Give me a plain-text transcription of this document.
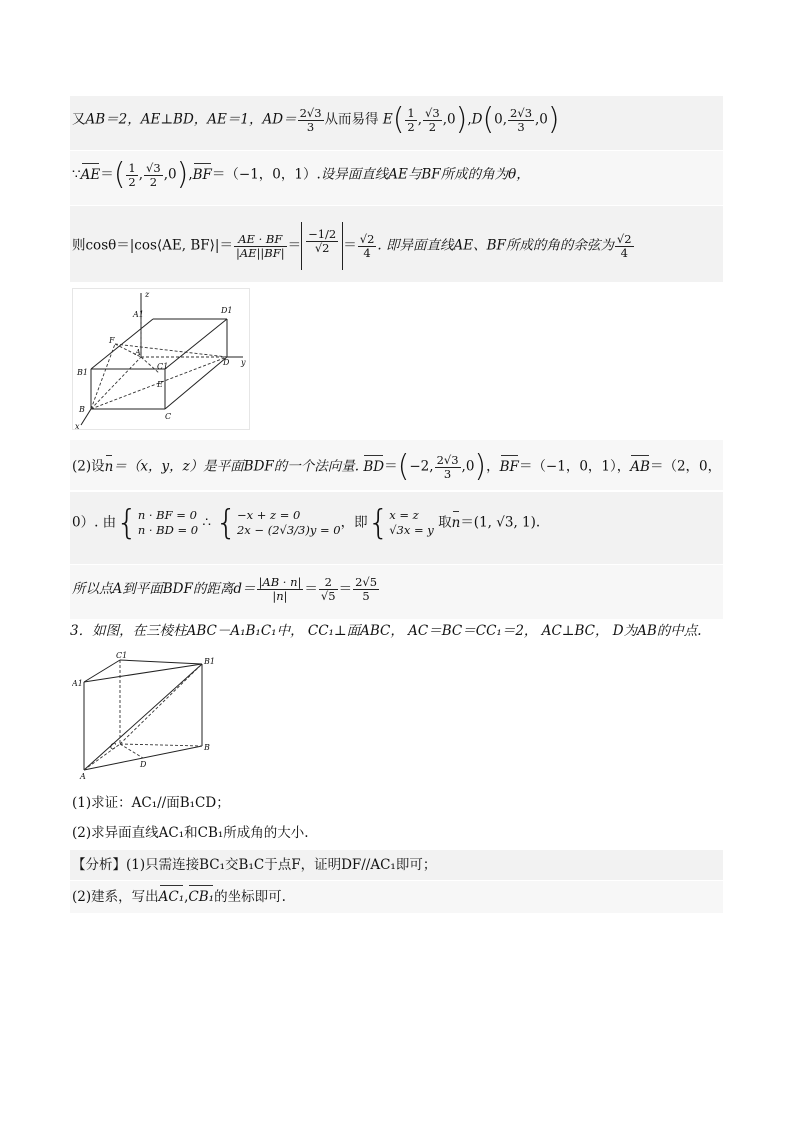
又AB＝2，AE⊥BD，AE＝1，$AD= \frac{2√3}{3}$ 从而易得 $E( \frac{1}{2}$ , $\frac{√3}{2} ,0),D(0$, $\frac{2√3}{3} ,0$)
∵AE＝( $\frac{1}{2}$ , $\frac{√3}{2} ,0),BF=(-1$，0，1）.设异面直线AE与BF所成的角为θ，
则cosθ＝|cos⟨AE, BF⟩|＝ $\frac{AE \cdot BF}{|AE||BF|} = \frac{-1/2}{√2} = \frac{√2}{4}$ . 即异面直线AE、BF所成的角的余弦为 $\frac{√2}{4}$
z
A1	D1
F
A
C1	D y
B1
E
B
C
x
(2)设n＝（x，y，z）是平面BDF的一个法向量. BD＝(−2, $\frac{2√3}{3} ,0$)，BF＝（−1，0，1），AB＝（2，0，
0）. 由{ n · BF = 0
n · BD = 0 ∴ { −x + z = 0
2x − (2√3/3)y = 0 ，即{ x = z
√3x = y 取n＝(1, √3, 1).
所以点A到平面BDF的距离$d= \frac{|AB \cdot n|}{|n|} = \frac{2}{√5} = \frac{2√5}{5}$
3．如图，在三棱柱ABC－A₁B₁C₁中， CC₁⊥面ABC， AC＝BC＝CC₁＝2， AC⊥BC， D为AB的中点.
C1
B1
A1
C	B
D
A
(1)求证：AC₁//面B₁CD；
(2)求异面直线AC₁和CB₁所成角的大小.
【分析】(1)只需连接BC₁交B₁C于点F，证明DF//AC₁即可；
(2)建系，写出AC₁,CB₁的坐标即可.
